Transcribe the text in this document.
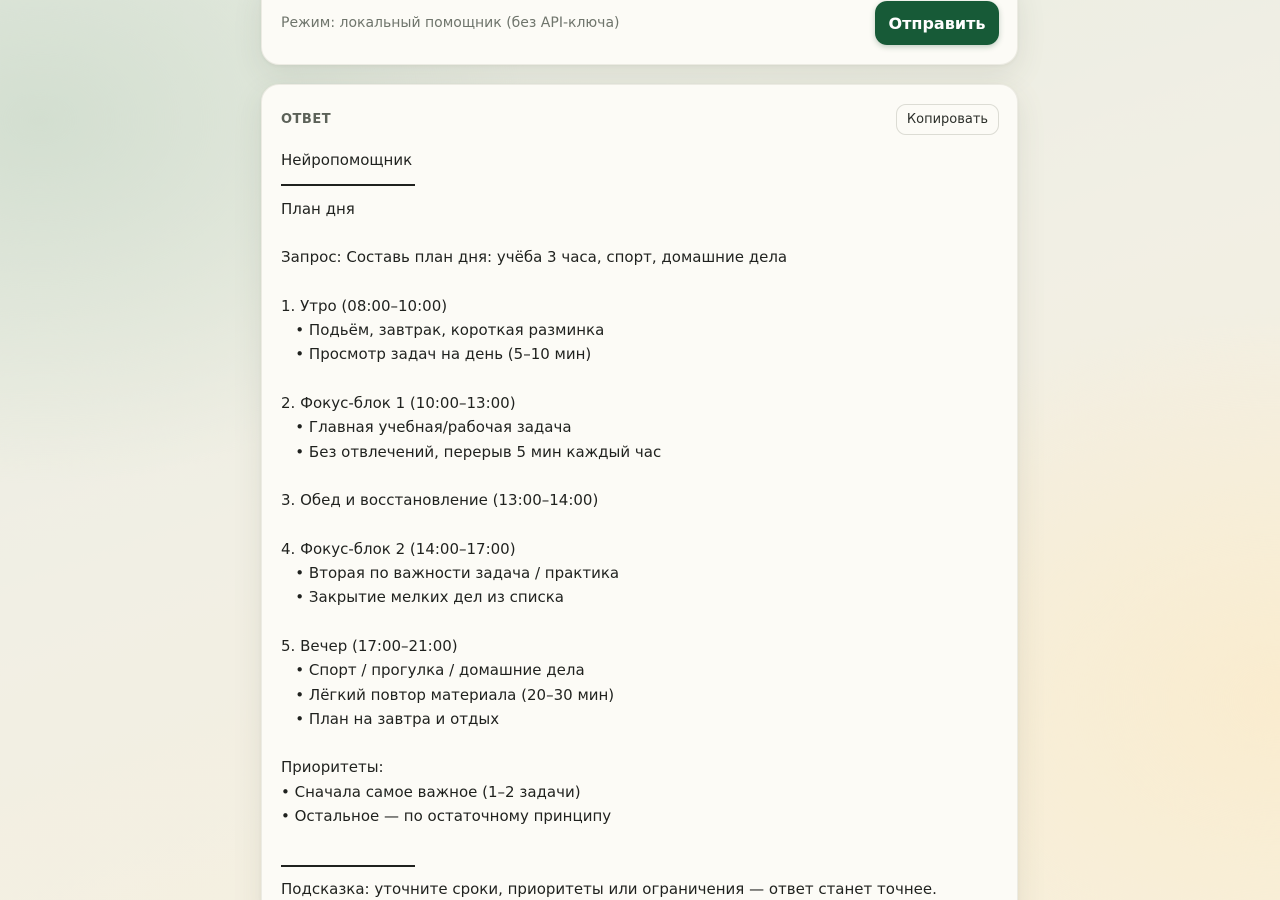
Режим: локальный помощник (без API-ключа)	Отправить
ОТВЕТ	Копировать
Нейропомощник
План дня
Запрос: Составь план дня: учёба 3 часа, спорт, домашние дела
1. Утро (08:00–10:00)
• Подьём, завтрак, короткая разминка
• Просмотр задач на день (5–10 мин)
2. Фокус-блок 1 (10:00–13:00)
• Главная учебная/рабочая задача
• Без отвлечений, перерыв 5 мин каждый час
3. Обед и восстановление (13:00–14:00)
4. Фокус-блок 2 (14:00–17:00)
• Вторая по важности задача / практика
• Закрытие мелких дел из списка
5. Вечер (17:00–21:00)
• Спорт / прогулка / домашние дела
• Лёгкий повтор материала (20–30 мин)
• План на завтра и отдых
Приоритеты:
• Сначала самое важное (1–2 задачи)
• Остальное — по остаточному принципу
Подсказка: уточните сроки, приоритеты или ограничения — ответ станет точнее.
